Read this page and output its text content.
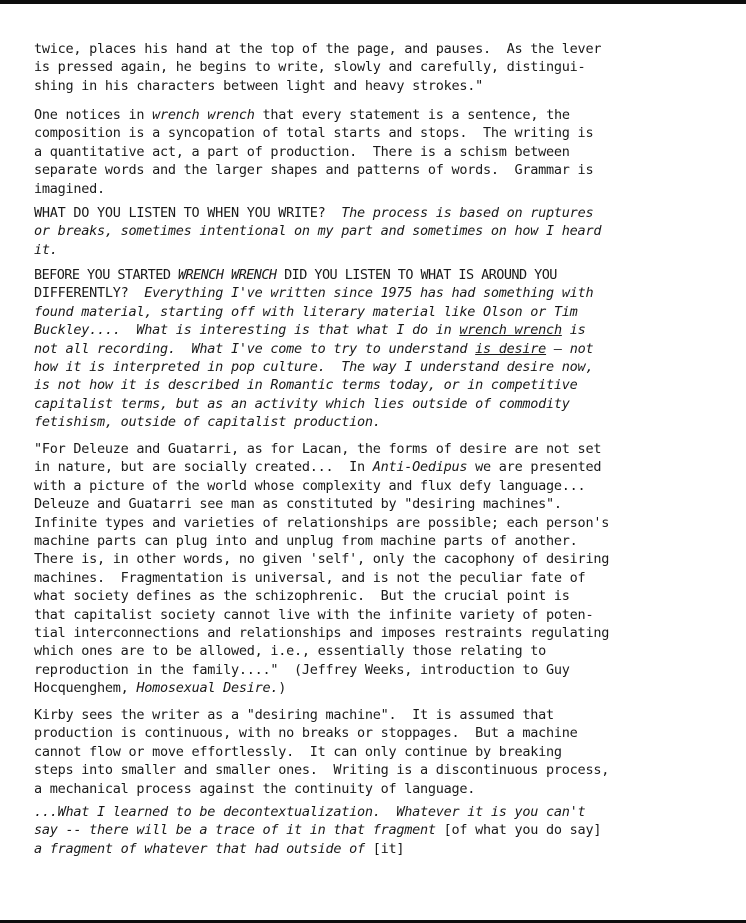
twice, places his hand at the top of the page, and pauses.  As the lever
is pressed again, he begins to write, slowly and carefully, distingui-
shing in his characters between light and heavy strokes."
One notices in wrench wrench that every statement is a sentence, the
composition is a syncopation of total starts and stops.  The writing is
a quantitative act, a part of production.  There is a schism between
separate words and the larger shapes and patterns of words.  Grammar is
imagined.
WHAT DO YOU LISTEN TO WHEN YOU WRITE?  The process is based on ruptures
or breaks, sometimes intentional on my part and sometimes on how I heard
it.
BEFORE YOU STARTED WRENCH WRENCH DID YOU LISTEN TO WHAT IS AROUND YOU
DIFFERENTLY?  Everything I've written since 1975 has had something with
found material, starting off with literary material like Olson or Tim
Buckley....  What is interesting is that what I do in wrench wrench is
not all recording.  What I've come to try to understand is desire — not
how it is interpreted in pop culture.  The way I understand desire now,
is not how it is described in Romantic terms today, or in competitive
capitalist terms, but as an activity which lies outside of commodity
fetishism, outside of capitalist production.
"For Deleuze and Guatarri, as for Lacan, the forms of desire are not set
in nature, but are socially created...  In Anti-Oedipus we are presented
with a picture of the world whose complexity and flux defy language...
Deleuze and Guatarri see man as constituted by "desiring machines".
Infinite types and varieties of relationships are possible; each person's
machine parts can plug into and unplug from machine parts of another.
There is, in other words, no given 'self', only the cacophony of desiring
machines.  Fragmentation is universal, and is not the peculiar fate of
what society defines as the schizophrenic.  But the crucial point is
that capitalist society cannot live with the infinite variety of poten-
tial interconnections and relationships and imposes restraints regulating
which ones are to be allowed, i.e., essentially those relating to
reproduction in the family...."  (Jeffrey Weeks, introduction to Guy
Hocquenghem, Homosexual Desire.)
Kirby sees the writer as a "desiring machine".  It is assumed that
production is continuous, with no breaks or stoppages.  But a machine
cannot flow or move effortlessly.  It can only continue by breaking
steps into smaller and smaller ones.  Writing is a discontinuous process,
a mechanical process against the continuity of language.
...What I learned to be decontextualization.  Whatever it is you can't
say -- there will be a trace of it in that fragment [of what you do say]
a fragment of whatever that had outside of [it]
